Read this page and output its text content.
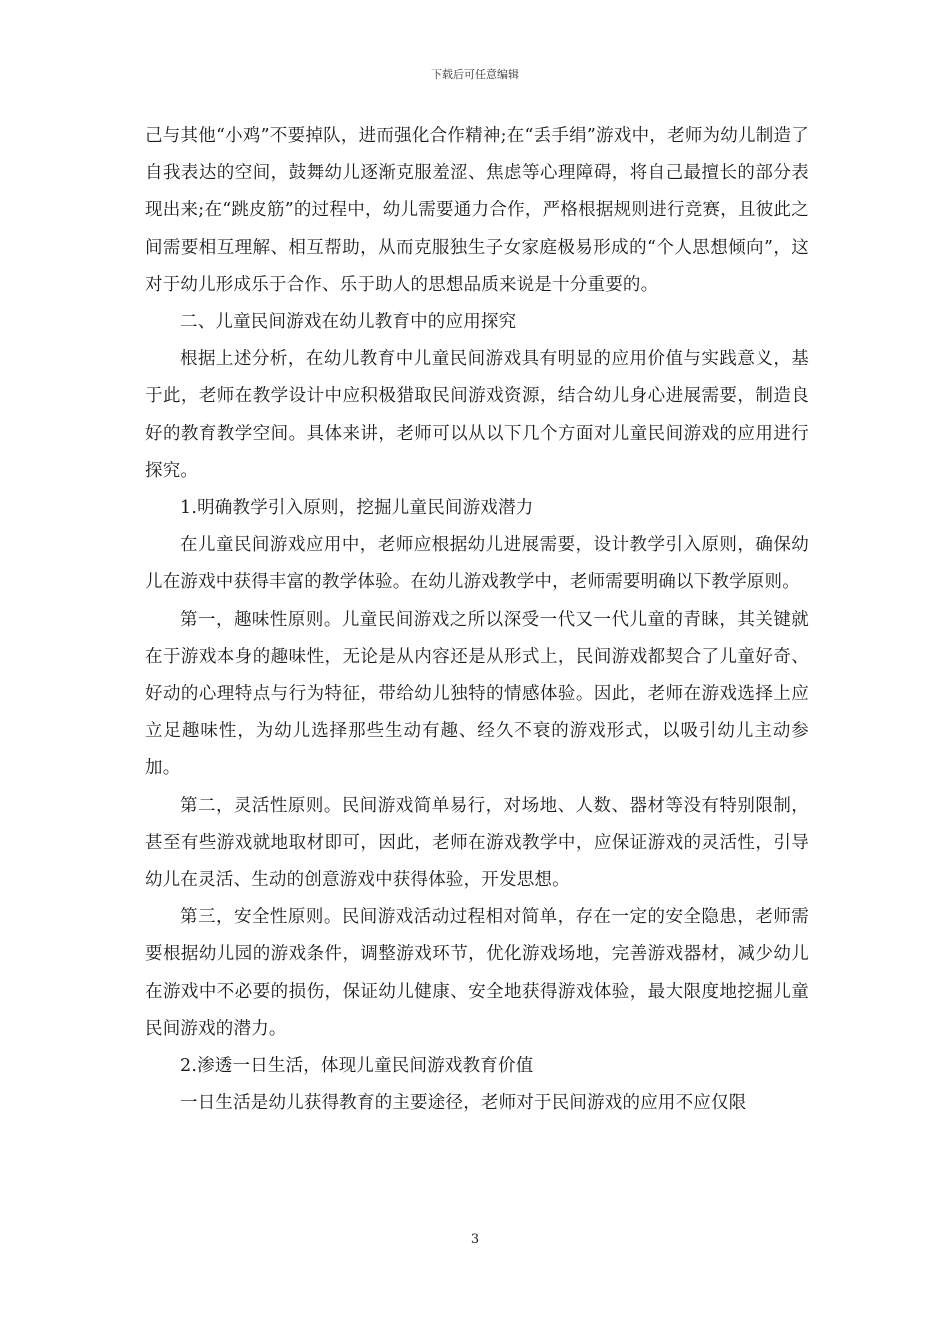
下载后可任意编辑

己与其他“小鸡”不要掉队，进而强化合作精神;在“丢手绢”游戏中，老师为幼儿制造了自我表达的空间，鼓舞幼儿逐渐克服羞涩、焦虑等心理障碍，将自己最擅长的部分表现出来;在“跳皮筋”的过程中，幼儿需要通力合作，严格根据规则进行竞赛，且彼此之间需要相互理解、相互帮助，从而克服独生子女家庭极易形成的“个人思想倾向”，这对于幼儿形成乐于合作、乐于助人的思想品质来说是十分重要的。

二、儿童民间游戏在幼儿教育中的应用探究

根据上述分析，在幼儿教育中儿童民间游戏具有明显的应用价值与实践意义，基于此，老师在教学设计中应积极猎取民间游戏资源，结合幼儿身心进展需要，制造良好的教育教学空间。具体来讲，老师可以从以下几个方面对儿童民间游戏的应用进行探究。

1.明确教学引入原则，挖掘儿童民间游戏潜力

在儿童民间游戏应用中，老师应根据幼儿进展需要，设计教学引入原则，确保幼儿在游戏中获得丰富的教学体验。在幼儿游戏教学中，老师需要明确以下教学原则。

第一，趣味性原则。儿童民间游戏之所以深受一代又一代儿童的青睐，其关键就在于游戏本身的趣味性，无论是从内容还是从形式上，民间游戏都契合了儿童好奇、好动的心理特点与行为特征，带给幼儿独特的情感体验。因此，老师在游戏选择上应立足趣味性，为幼儿选择那些生动有趣、经久不衰的游戏形式，以吸引幼儿主动参加。

第二，灵活性原则。民间游戏简单易行，对场地、人数、器材等没有特别限制，甚至有些游戏就地取材即可，因此，老师在游戏教学中，应保证游戏的灵活性，引导幼儿在灵活、生动的创意游戏中获得体验，开发思想。

第三，安全性原则。民间游戏活动过程相对简单，存在一定的安全隐患，老师需要根据幼儿园的游戏条件，调整游戏环节，优化游戏场地，完善游戏器材，减少幼儿在游戏中不必要的损伤，保证幼儿健康、安全地获得游戏体验，最大限度地挖掘儿童民间游戏的潜力。

2.渗透一日生活，体现儿童民间游戏教育价值

一日生活是幼儿获得教育的主要途径，老师对于民间游戏的应用不应仅限

3
